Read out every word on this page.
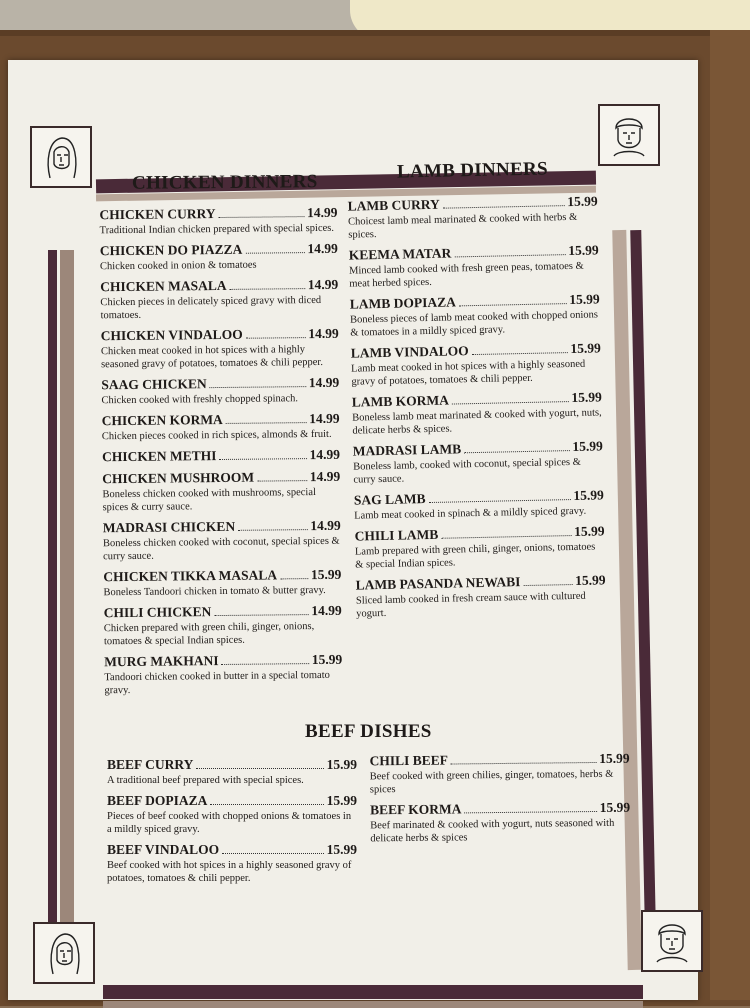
CHICKEN DINNERS	LAMB DINNERS
BEEF DISHES
CHICKEN CURRY	14.99
Traditional Indian chicken prepared with special spices.
CHICKEN DO PIAZZA	14.99
Chicken cooked in onion & tomatoes
CHICKEN MASALA	14.99
Chicken pieces in delicately spiced gravy with diced tomatoes.
CHICKEN VINDALOO	14.99
Chicken meat cooked in hot spices with a highly seasoned gravy of potatoes, tomatoes & chili pepper.
SAAG CHICKEN	14.99
Chicken cooked with freshly chopped spinach.
CHICKEN KORMA	14.99
Chicken pieces cooked in rich spices, almonds & fruit.
CHICKEN METHI	14.99
CHICKEN MUSHROOM	14.99
Boneless chicken cooked with mushrooms, special spices & curry sauce.
MADRASI CHICKEN	14.99
Boneless chicken cooked with coconut, special spices & curry sauce.
CHICKEN TIKKA MASALA 15.99
Boneless Tandoori chicken in tomato & butter gravy.
CHILI CHICKEN	14.99
Chicken prepared with green chili, ginger, onions, tomatoes & special Indian spices.
MURG MAKHANI	15.99
Tandoori chicken cooked in butter in a special tomato gravy.
LAMB CURRY	15.99
Choicest lamb meal marinated & cooked with herbs & spices.
KEEMA MATAR	15.99
Minced lamb cooked with fresh green peas, tomatoes & meat herbed spices.
LAMB DOPIAZA	15.99
Boneless pieces of lamb meat cooked with chopped onions & tomatoes in a mildly spiced gravy.
LAMB VINDALOO	15.99
Lamb meat cooked in hot spices with a highly seasoned gravy of potatoes, tomatoes & chili pepper.
LAMB KORMA	15.99
Boneless lamb meat marinated & cooked with yogurt, nuts, delicate herbs & spices.
MADRASI LAMB	15.99
Boneless lamb, cooked with coconut, special spices & curry sauce.
SAG LAMB	15.99
Lamb meat cooked in spinach & a mildly spiced gravy.
CHILI LAMB	15.99
Lamb prepared with green chili, ginger, onions, tomatoes & special Indian spices.
LAMB PASANDA NEWABI	15.99
Sliced lamb cooked in fresh cream sauce with cultured yogurt.
BEEF CURRY	15.99
A traditional beef prepared with special spices.
BEEF DOPIAZA	15.99
Pieces of beef cooked with chopped onions & tomatoes in a mildly spiced gravy.
BEEF VINDALOO	15.99
Beef cooked with hot spices in a highly seasoned gravy of potatoes, tomatoes & chili pepper.
CHILI BEEF	15.99
Beef cooked with green chilies, ginger, tomatoes, herbs & spices
BEEF KORMA	15.99
Beef marinated & cooked with yogurt, nuts seasoned with delicate herbs & spices
